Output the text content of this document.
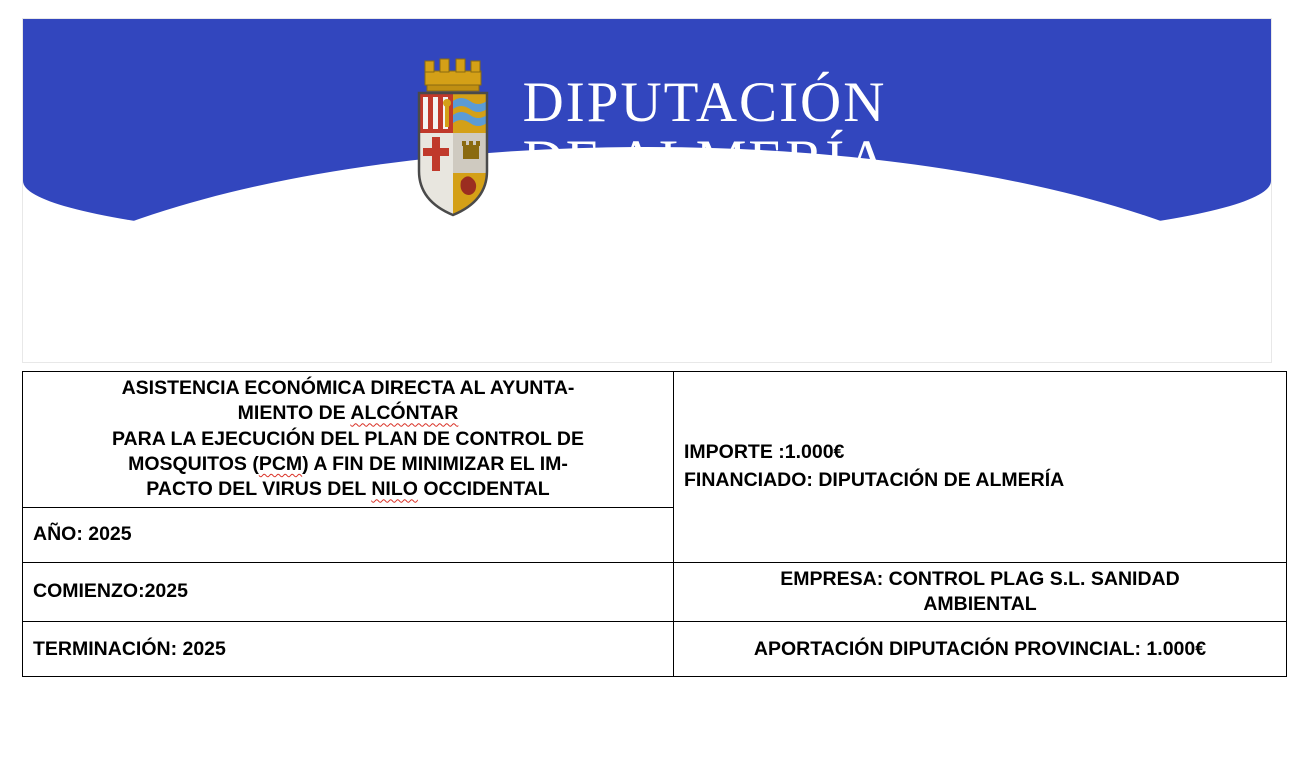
DIPUTACIÓN
DE ALMERÍA
ASISTENCIA ECONÓMICA DIRECTA AL AYUNTA-
MIENTO DE ALCÓNTAR
PARA LA EJECUCIÓN DEL PLAN DE CONTROL DE
MOSQUITOS (PCM) A FIN DE MINIMIZAR EL IM-
PACTO DEL VIRUS DEL NILO OCCIDENTAL

IMPORTE :1.000€
FINANCIADO: DIPUTACIÓN DE ALMERÍA

AÑO: 2025	
COMIENZO:2025	EMPRESA: CONTROL PLAG S.L. SANIDAD
AMBIENTAL

TERMINACIÓN: 2025	APORTACIÓN DIPUTACIÓN PROVINCIAL: 1.000€
